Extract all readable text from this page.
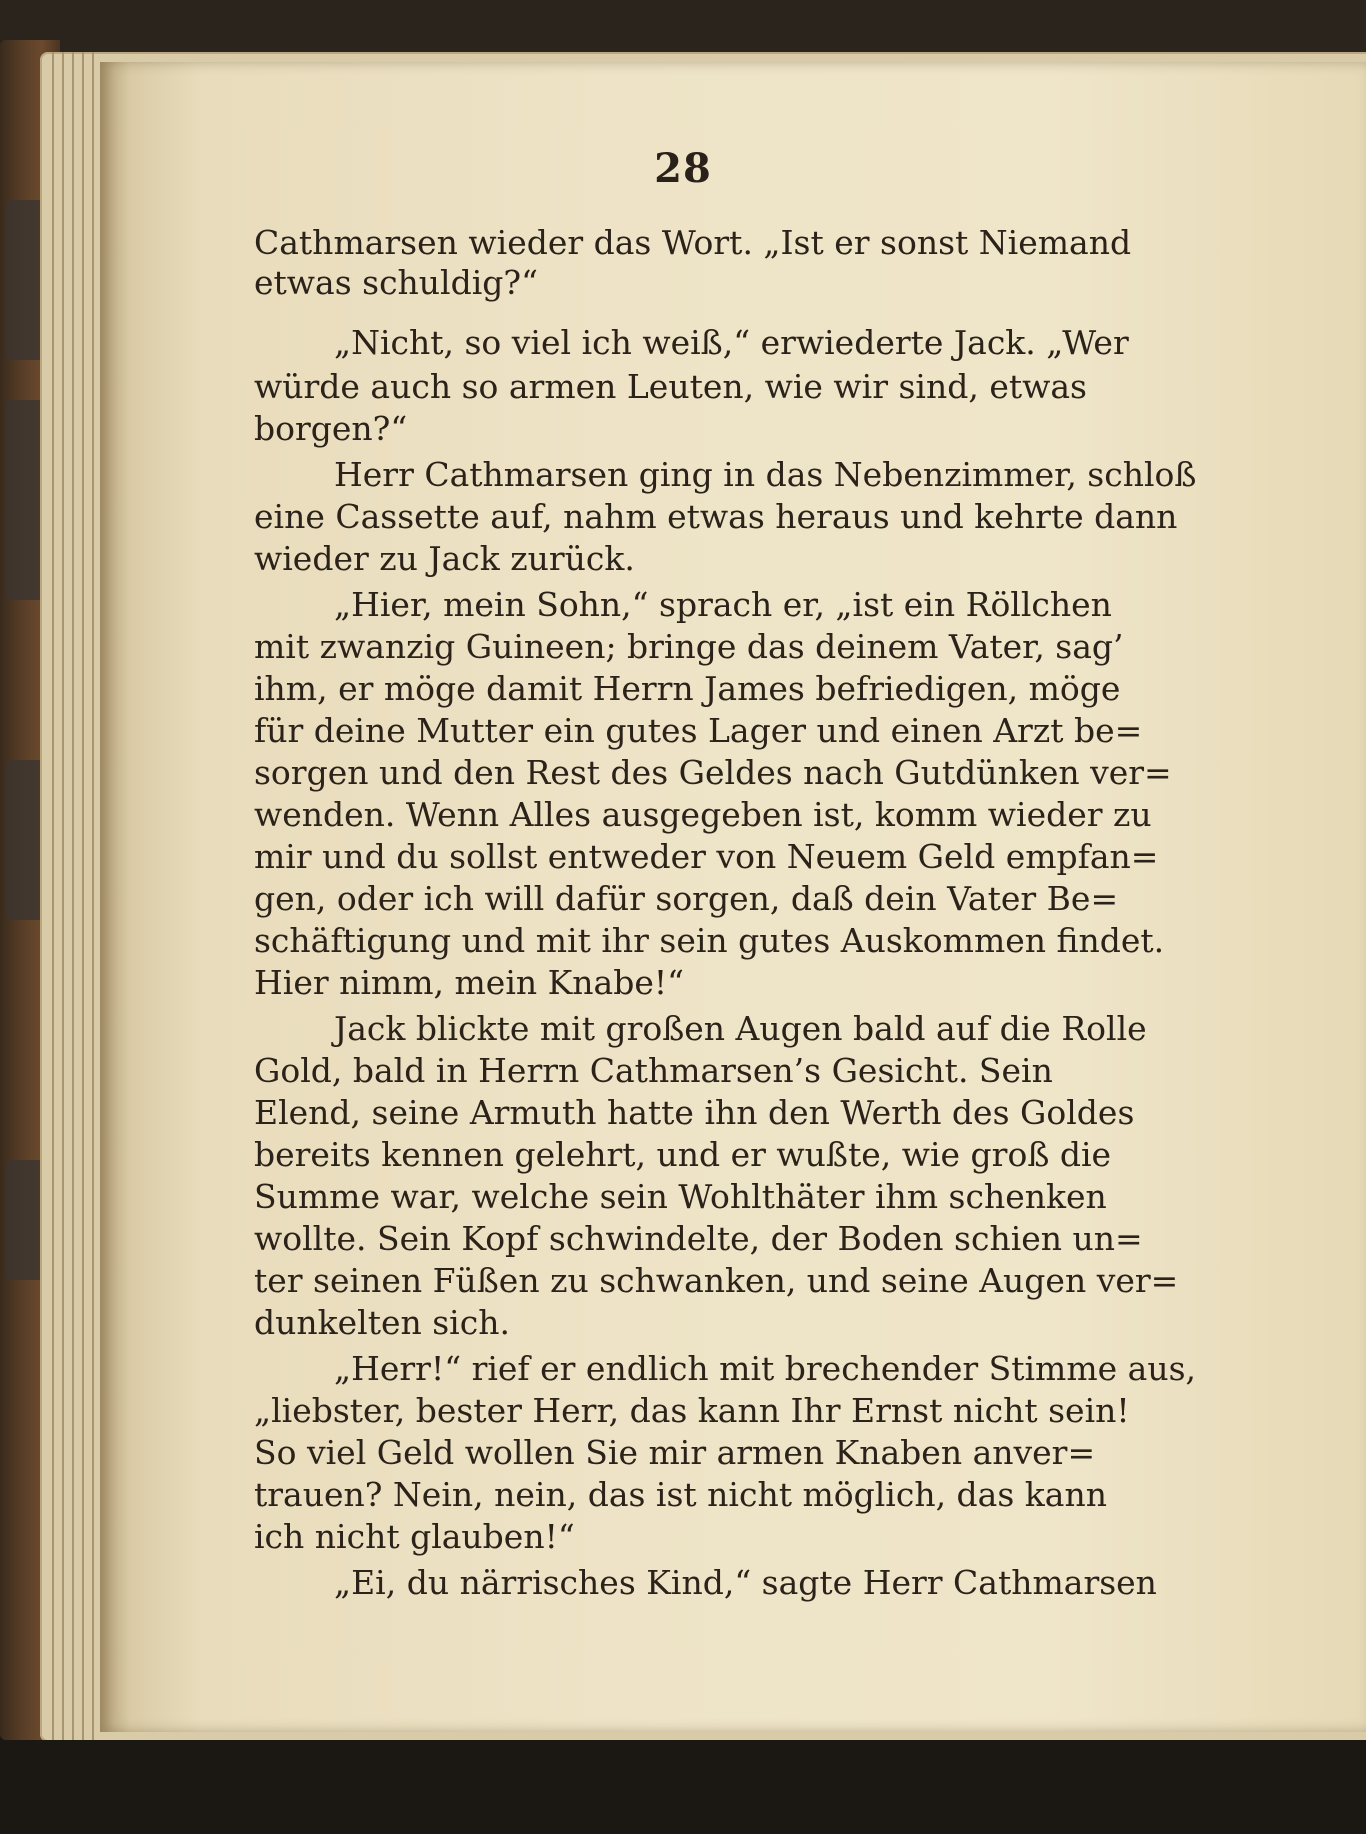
28
Cathmarsen wieder das Wort. „Ist er sonst Niemand
etwas schuldig?“
„Nicht, so viel ich weiß,“ erwiederte Jack. „Wer
würde auch so armen Leuten, wie wir sind, etwas
borgen?“
Herr Cathmarsen ging in das Nebenzimmer, schloß
eine Cassette auf, nahm etwas heraus und kehrte dann
wieder zu Jack zurück.
„Hier, mein Sohn,“ sprach er, „ist ein Röllchen
mit zwanzig Guineen; bringe das deinem Vater, sag’
ihm, er möge damit Herrn James befriedigen, möge
für deine Mutter ein gutes Lager und einen Arzt be=
sorgen und den Rest des Geldes nach Gutdünken ver=
wenden. Wenn Alles ausgegeben ist, komm wieder zu
mir und du sollst entweder von Neuem Geld empfan=
gen, oder ich will dafür sorgen, daß dein Vater Be=
schäftigung und mit ihr sein gutes Auskommen findet.
Hier nimm, mein Knabe!“
Jack blickte mit großen Augen bald auf die Rolle
Gold, bald in Herrn Cathmarsen’s Gesicht. Sein
Elend, seine Armuth hatte ihn den Werth des Goldes
bereits kennen gelehrt, und er wußte, wie groß die
Summe war, welche sein Wohlthäter ihm schenken
wollte. Sein Kopf schwindelte, der Boden schien un=
ter seinen Füßen zu schwanken, und seine Augen ver=
dunkelten sich.
„Herr!“ rief er endlich mit brechender Stimme aus,
„liebster, bester Herr, das kann Ihr Ernst nicht sein!
So viel Geld wollen Sie mir armen Knaben anver=
trauen? Nein, nein, das ist nicht möglich, das kann
ich nicht glauben!“
„Ei, du närrisches Kind,“ sagte Herr Cathmarsen
